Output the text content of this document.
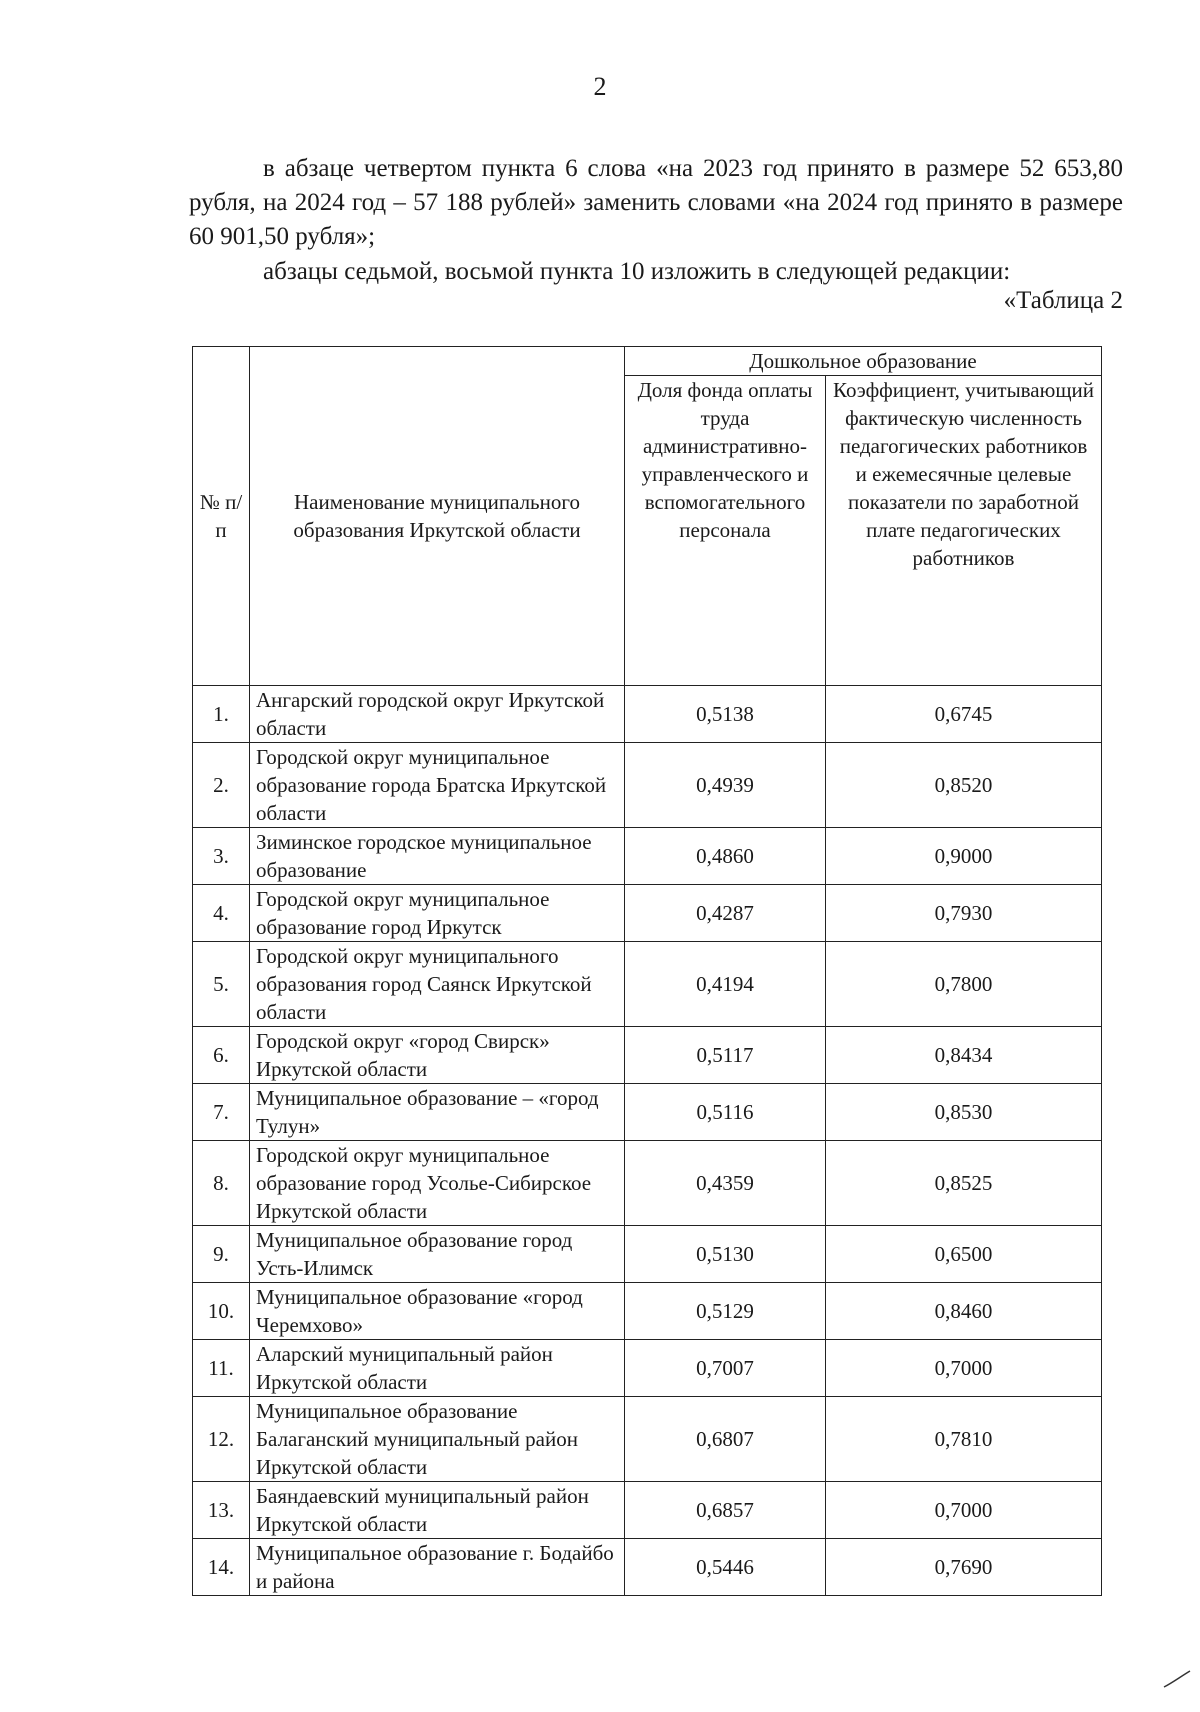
2
в абзаце четвертом пункта 6 слова «на 2023 год принято в размере 52 653,80 рубля, на 2024 год – 57 188 рублей» заменить словами «на 2024 год принято в размере 60 901,50 рубля»;
абзацы седьмой, восьмой пункта 10 изложить в следующей редакции:
«Таблица 2
№ п/п	Наименование муниципального образования Иркутской области	Дошкольное образование	
		Доля фонда оплаты труда административно-управленческого и вспомогательного персонала	Коэффициент, учитывающий фактическую численность педагогических работников и ежемесячные целевые показатели по заработной плате педагогических работников
1.	Ангарский городской округ Иркутской области	0,5138	0,6745
2.	Городской округ муниципальное образование города Братска Иркутской области	0,4939	0,8520
3.	Зиминское городское муниципальное образование	0,4860	0,9000
4.	Городской округ муниципальное образование город Иркутск	0,4287	0,7930
5.	Городской округ муниципального образования город Саянск Иркутской области	0,4194	0,7800
6.	Городской округ «город Свирск» Иркутской области	0,5117	0,8434
7.	Муниципальное образование – «город Тулун»	0,5116	0,8530
8.	Городской округ муниципальное образование город Усолье-Сибирское Иркутской области	0,4359	0,8525
9.	Муниципальное образование город Усть-Илимск	0,5130	0,6500
10.	Муниципальное образование «город Черемхово»	0,5129	0,8460
11.	Аларский муниципальный район Иркутской области	0,7007	0,7000
12.	Муниципальное образование Балаганский муниципальный район Иркутской области	0,6807	0,7810
13.	Баяндаевский муниципальный район Иркутской области	0,6857	0,7000
14.	Муниципальное образование г. Бодайбо и района	0,5446	0,7690
